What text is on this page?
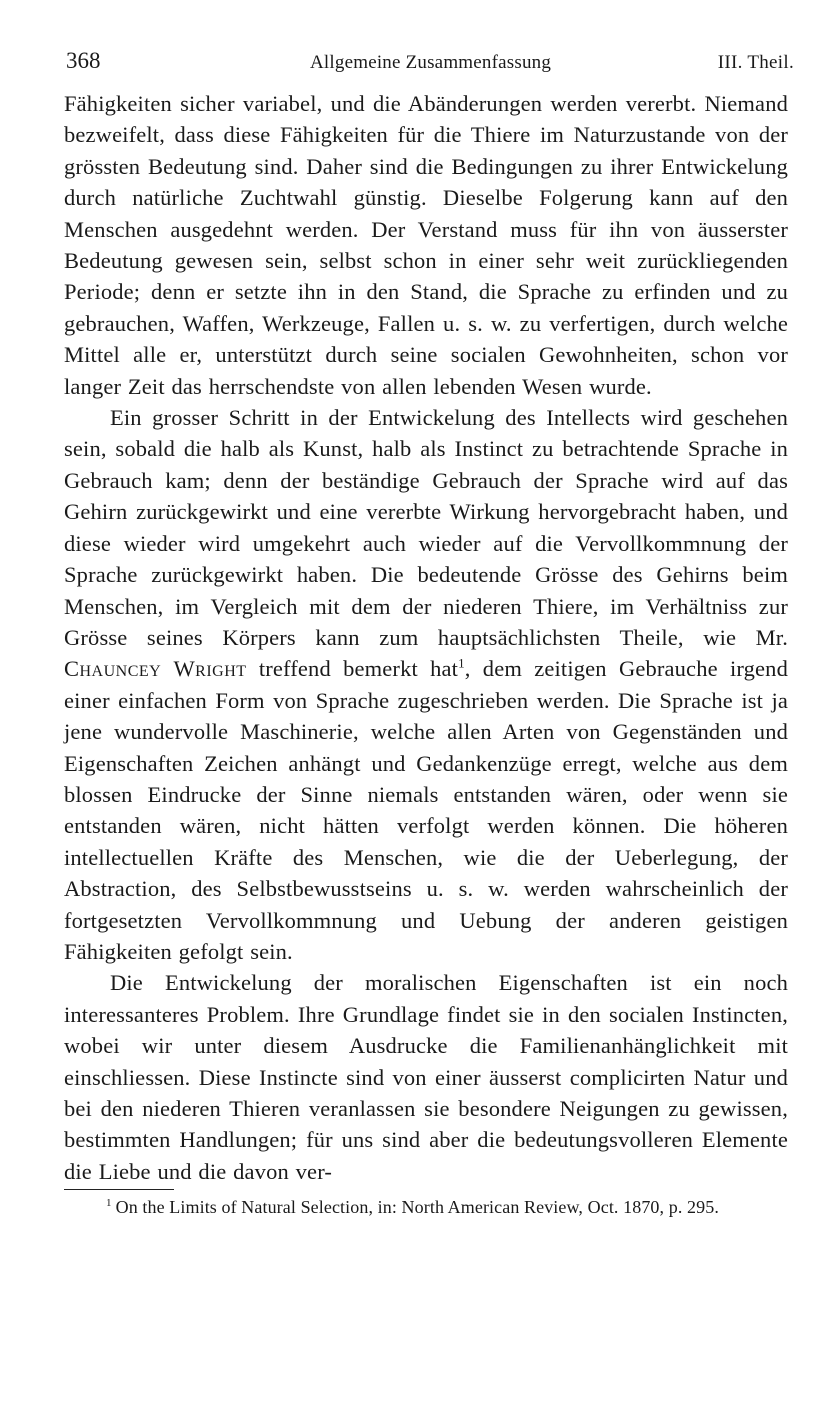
368	Allgemeine Zusammenfassung	III. Theil.

Fähigkeiten sicher variabel, und die Abänderungen werden vererbt. Niemand bezweifelt, dass diese Fähigkeiten für die Thiere im Naturzustande von der grössten Bedeutung sind. Daher sind die Bedingungen zu ihrer Entwickelung durch natürliche Zuchtwahl günstig. Dieselbe Folgerung kann auf den Menschen ausgedehnt werden. Der Verstand muss für ihn von äusserster Bedeutung gewesen sein, selbst schon in einer sehr weit zurückliegenden Periode; denn er setzte ihn in den Stand, die Sprache zu erfinden und zu gebrauchen, Waffen, Werkzeuge, Fallen u. s. w. zu verfertigen, durch welche Mittel alle er, unterstützt durch seine socialen Gewohnheiten, schon vor langer Zeit das herrschendste von allen lebenden Wesen wurde.

Ein grosser Schritt in der Entwickelung des Intellects wird geschehen sein, sobald die halb als Kunst, halb als Instinct zu betrachtende Sprache in Gebrauch kam; denn der beständige Gebrauch der Sprache wird auf das Gehirn zurückgewirkt und eine vererbte Wirkung hervorgebracht haben, und diese wieder wird umgekehrt auch wieder auf die Vervollkommnung der Sprache zurückgewirkt haben. Die bedeutende Grösse des Gehirns beim Menschen, im Vergleich mit dem der niederen Thiere, im Verhältniss zur Grösse seines Körpers kann zum hauptsächlichsten Theile, wie Mr. Chauncey Wright treffend bemerkt hat$^1$, dem zeitigen Gebrauche irgend einer einfachen Form von Sprache zugeschrieben werden. Die Sprache ist ja jene wundervolle Maschinerie, welche allen Arten von Gegenständen und Eigenschaften Zeichen anhängt und Gedankenzüge erregt, welche aus dem blossen Eindrucke der Sinne niemals entstanden wären, oder wenn sie entstanden wären, nicht hätten verfolgt werden können. Die höheren intellectuellen Kräfte des Menschen, wie die der Ueberlegung, der Abstraction, des Selbstbewusstseins u. s. w. werden wahrscheinlich der fortgesetzten Vervollkommnung und Uebung der anderen geistigen Fähigkeiten gefolgt sein.

Die Entwickelung der moralischen Eigenschaften ist ein noch interessanteres Problem. Ihre Grundlage findet sie in den socialen Instincten, wobei wir unter diesem Ausdrucke die Familienanhänglichkeit mit einschliessen. Diese Instincte sind von einer äusserst complicirten Natur und bei den niederen Thieren veranlassen sie besondere Neigungen zu gewissen, bestimmten Handlungen; für uns sind aber die bedeutungsvolleren Elemente die Liebe und die davon ver-

$^1$ On the Limits of Natural Selection, in: North American Review, Oct. 1870, p. 295.
